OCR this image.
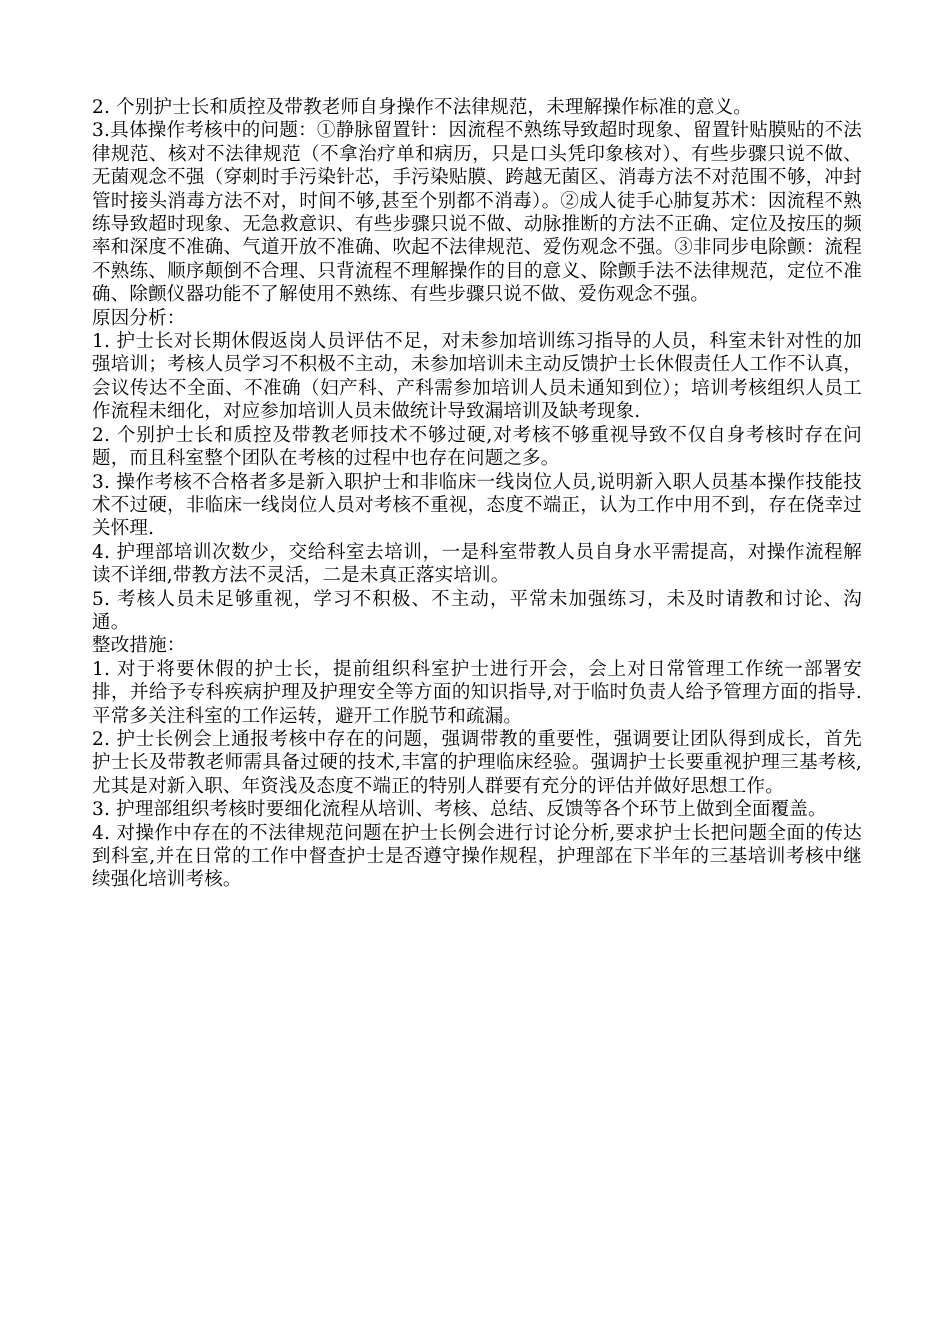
2. 个别护士长和质控及带教老师自身操作不法律规范，未理解操作标准的意义。

3.具体操作考核中的问题：①静脉留置针：因流程不熟练导致超时现象、留置针贴膜贴的不法律规范、核对不法律规范（不拿治疗单和病历，只是口头凭印象核对）、有些步骤只说不做、无菌观念不强（穿刺时手污染针芯，手污染贴膜、跨越无菌区、消毒方法不对范围不够，冲封管时接头消毒方法不对，时间不够,甚至个别都不消毒）。②成人徒手心肺复苏术：因流程不熟练导致超时现象、无急救意识、有些步骤只说不做、动脉推断的方法不正确、定位及按压的频率和深度不准确、气道开放不准确、吹起不法律规范、爱伤观念不强。③非同步电除颤：流程不熟练、顺序颠倒不合理、只背流程不理解操作的目的意义、除颤手法不法律规范，定位不准确、除颤仪器功能不了解使用不熟练、有些步骤只说不做、爱伤观念不强。

原因分析：

1. 护士长对长期休假返岗人员评估不足，对未参加培训练习指导的人员，科室未针对性的加强培训；考核人员学习不积极不主动，未参加培训未主动反馈护士长休假责任人工作不认真，会议传达不全面、不准确（妇产科、产科需参加培训人员未通知到位）；培训考核组织人员工作流程未细化，对应参加培训人员未做统计导致漏培训及缺考现象.

2. 个别护士长和质控及带教老师技术不够过硬,对考核不够重视导致不仅自身考核时存在问题，而且科室整个团队在考核的过程中也存在问题之多。

3. 操作考核不合格者多是新入职护士和非临床一线岗位人员,说明新入职人员基本操作技能技术不过硬，非临床一线岗位人员对考核不重视，态度不端正，认为工作中用不到，存在侥幸过关怀理.

4. 护理部培训次数少，交给科室去培训，一是科室带教人员自身水平需提高，对操作流程解读不详细,带教方法不灵活，二是未真正落实培训。

5. 考核人员未足够重视，学习不积极、不主动，平常未加强练习，未及时请教和讨论、沟通。

整改措施：

1. 对于将要休假的护士长，提前组织科室护士进行开会，会上对日常管理工作统一部署安排，并给予专科疾病护理及护理安全等方面的知识指导,对于临时负责人给予管理方面的指导.平常多关注科室的工作运转，避开工作脱节和疏漏。

2. 护士长例会上通报考核中存在的问题，强调带教的重要性，强调要让团队得到成长，首先护士长及带教老师需具备过硬的技术,丰富的护理临床经验。强调护士长要重视护理三基考核,尤其是对新入职、年资浅及态度不端正的特别人群要有充分的评估并做好思想工作。

3. 护理部组织考核时要细化流程从培训、考核、总结、反馈等各个环节上做到全面覆盖。

4. 对操作中存在的不法律规范问题在护士长例会进行讨论分析,要求护士长把问题全面的传达到科室,并在日常的工作中督查护士是否遵守操作规程，护理部在下半年的三基培训考核中继续强化培训考核。
